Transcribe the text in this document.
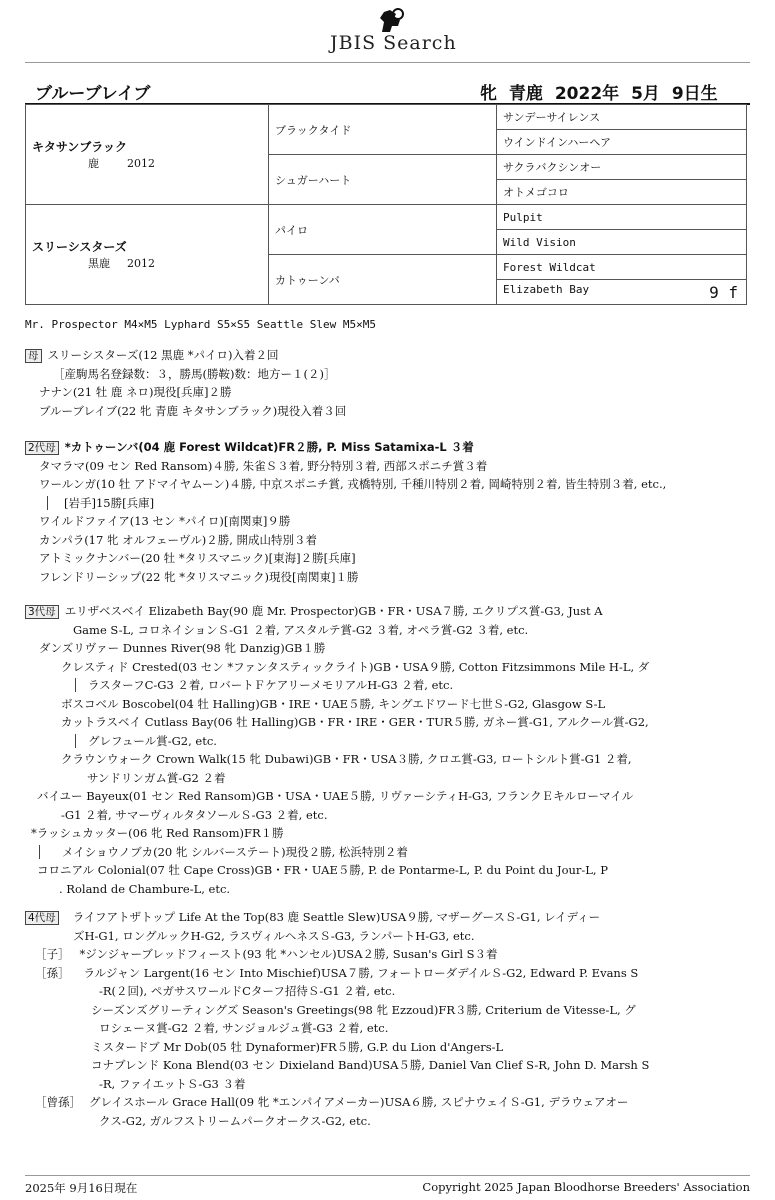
JBIS Search
ブルーブレイブ	牝 青鹿 2022年 5月 9日生
キタサンブラック
鹿　　 2012	ブラックタイド	サンデーサイレンス
		ウインドインハーヘア
	シュガーハート	サクラバクシンオー
		オトメゴコロ

スリーシスターズ
黒鹿　 2012	パイロ	Pulpit
		Wild Vision
	カトゥーンバ	Forest Wildcat
		Elizabeth Bay 9 f
Mr. Prospector M4×M5 Lyphard S5×S5 Seattle Slew M5×M5
母 スリーシスターズ(12 黒鹿 *パイロ)入着２回
［産駒馬名登録数：３，勝馬(勝鞍)数：地方ー１(２)］
ナナン(21 牡 鹿 ネロ)現役[兵庫]２勝
ブルーブレイブ(22 牝 青鹿 キタサンブラック)現役入着３回
2代母 *カトゥーンバ(04 鹿 Forest Wildcat)FR２勝, P. Miss Satamixa-L ３着
タマラマ(09 セン Red Ransom)４勝, 朱雀Ｓ３着, 野分特別３着, 西部スポニチ賞３着
ワールンガ(10 牡 アドマイヤムーン)４勝, 中京スポニチ賞, 戎橋特別, 千種川特別２着, 岡崎特別２着, 皆生特別３着, etc.,
[岩手]15勝[兵庫]
ワイルドファイア(13 セン *パイロ)[南関東]９勝
カンパラ(17 牝 オルフェーヴル)２勝, 開成山特別３着
アトミックナンバー(20 牡 *タリスマニック)[東海]２勝[兵庫]
フレンドリーシップ(22 牝 *タリスマニック)現役[南関東]１勝
3代母 エリザベスベイ Elizabeth Bay(90 鹿 Mr. Prospector)GB・FR・USA７勝, エクリプス賞-G3, Just A
Game S-L, コロネイションＳ-G1 ２着, アスタルテ賞-G2 ３着, オペラ賞-G2 ３着, etc.
ダンズリヴァー Dunnes River(98 牝 Danzig)GB１勝
クレスティド Crested(03 セン *ファンタスティックライト)GB・USA９勝, Cotton Fitzsimmons Mile H-L, ダ
ラスターフC-G3 ２着, ロバートＦケアリーメモリアルH-G3 ２着, etc.
ボスコベル Boscobel(04 牡 Halling)GB・IRE・UAE５勝, キングエドワード七世Ｓ-G2, Glasgow S-L
カットラスベイ Cutlass Bay(06 牡 Halling)GB・FR・IRE・GER・TUR５勝, ガネー賞-G1, アルクール賞-G2,
グレフュール賞-G2, etc.
クラウンウォーク Crown Walk(15 牝 Dubawi)GB・FR・USA３勝, クロエ賞-G3, ロートシルト賞-G1 ２着,
サンドリンガム賞-G2 ２着
バイユー Bayeux(01 セン Red Ransom)GB・USA・UAE５勝, リヴァーシティH-G3, フランクＥキルローマイル
-G1 ２着, サマーヴィルタタソールＳ-G3 ２着, etc.
*ラッシュカッター(06 牝 Red Ransom)FR１勝
メイショウノブカ(20 牝 シルバーステート)現役２勝, 松浜特別２着
コロニアル Colonial(07 牡 Cape Cross)GB・FR・UAE５勝, P. de Pontarme-L, P. du Point du Jour-L, P
. Roland de Chambure-L, etc.
4代母 ライフアトザトップ Life At the Top(83 鹿 Seattle Slew)USA９勝, マザーグースＳ-G1, レイディー
ズH-G1, ロングルックH-G2, ラスヴィルヘネスＳ-G3, ランパートH-G3, etc.
［子］ *ジンジャーブレッドフィースト(93 牝 *ハンセル)USA２勝, Susan's Girl S３着
［孫］ ラルジャン Largent(16 セン Into Mischief)USA７勝, フォートローダデイルＳ-G2, Edward P. Evans S
-R(２回), ペガサスワールドCターフ招待Ｓ-G1 ２着, etc.
シーズンズグリーティングズ Season's Greetings(98 牝 Ezzoud)FR３勝, Criterium de Vitesse-L, グ
ロシェーヌ賞-G2 ２着, サンジョルジュ賞-G3 ２着, etc.
ミスタードブ Mr Dob(05 牡 Dynaformer)FR５勝, G.P. du Lion d'Angers-L
コナブレンド Kona Blend(03 セン Dixieland Band)USA５勝, Daniel Van Clief S-R, John D. Marsh S
-R, ファイエットＳ-G3 ３着
［曾孫］ グレイスホール Grace Hall(09 牝 *エンパイアメーカー)USA６勝, スピナウェイＳ-G1, デラウェアオー
クス-G2, ガルフストリームパークオークス-G2, etc.
2025年 9月16日現在	Copyright 2025 Japan Bloodhorse Breeders' Association
